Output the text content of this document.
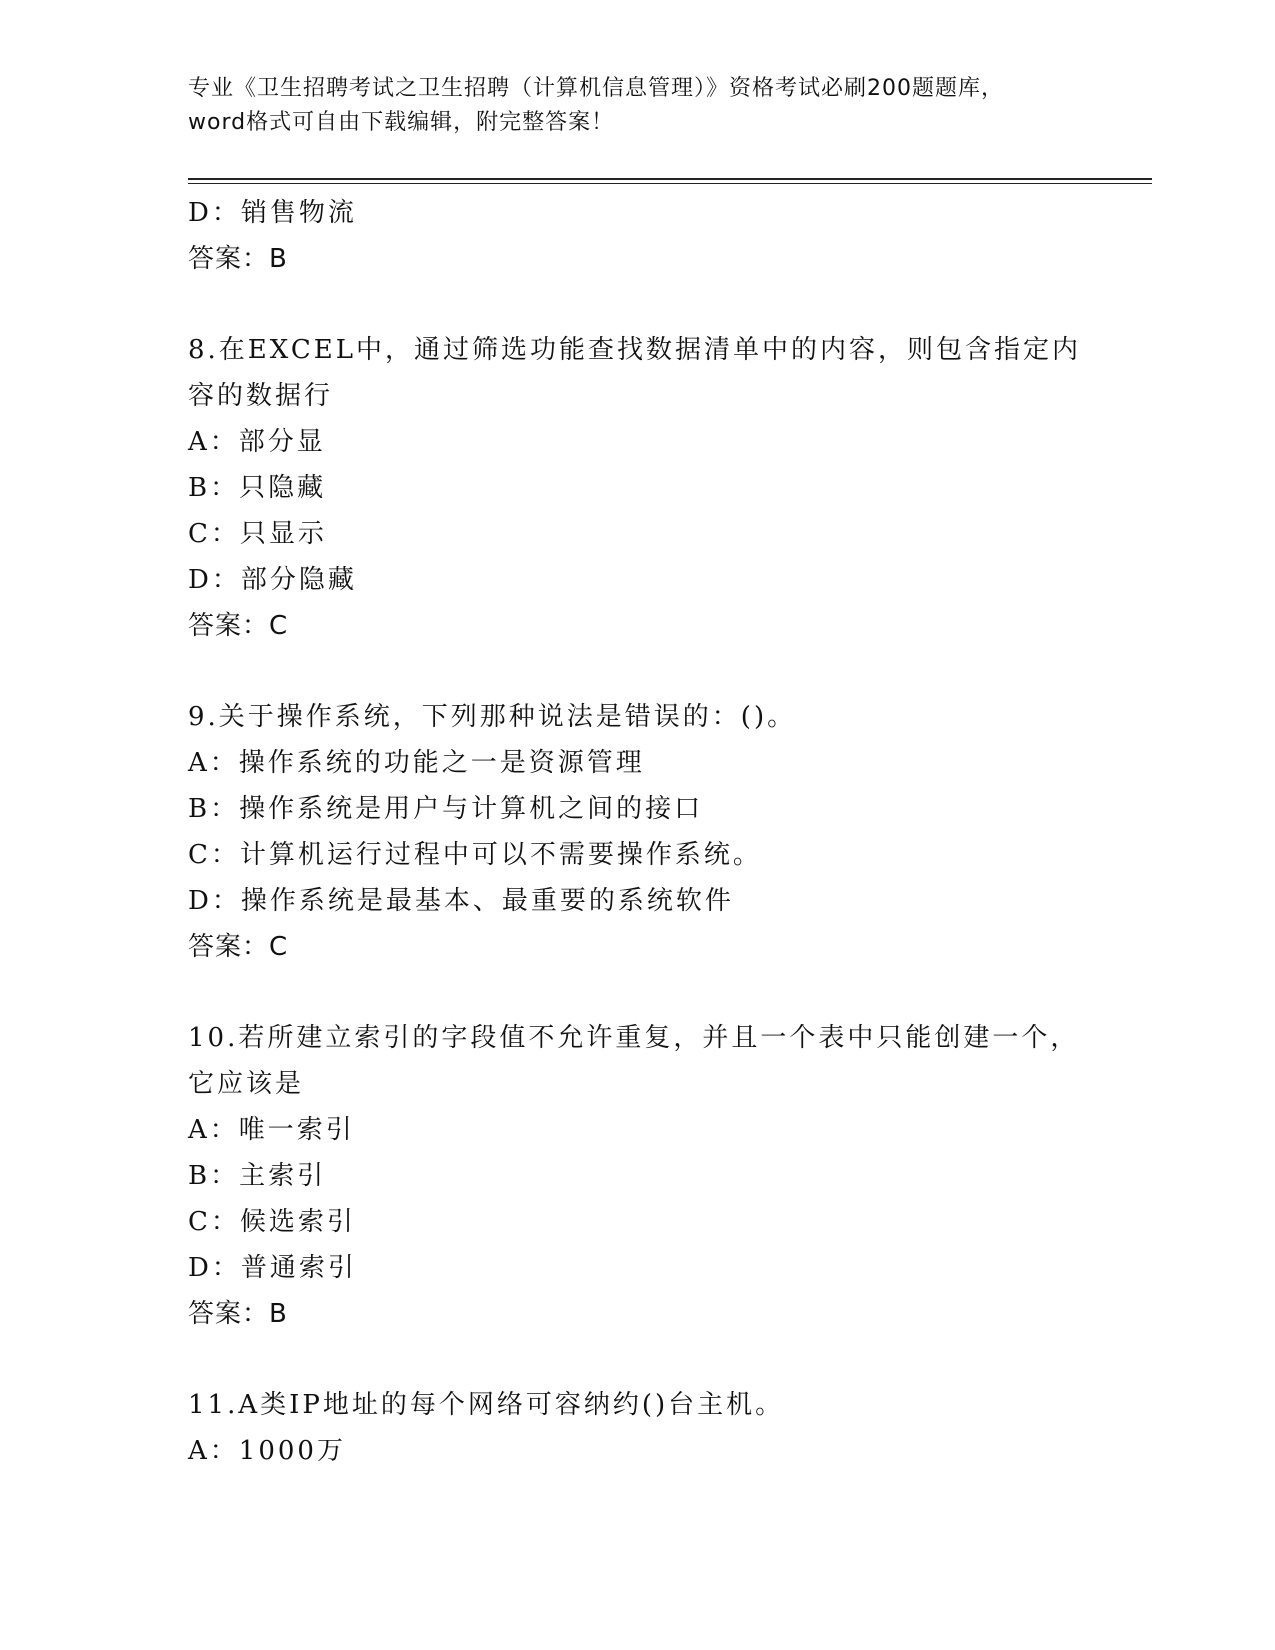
专业《卫生招聘考试之卫生招聘（计算机信息管理）》资格考试必刷200题题库，
word格式可自由下载编辑，附完整答案！
D：销售物流
答案：B
8.在EXCEL中，通过筛选功能查找数据清单中的内容，则包含指定内
容的数据行
A：部分显
B：只隐藏
C：只显示
D：部分隐藏
答案：C
9.关于操作系统，下列那种说法是错误的：()。
A：操作系统的功能之一是资源管理
B：操作系统是用户与计算机之间的接口
C：计算机运行过程中可以不需要操作系统。
D：操作系统是最基本、最重要的系统软件
答案：C
10.若所建立索引的字段值不允许重复，并且一个表中只能创建一个，
它应该是
A：唯一索引
B：主索引
C：候选索引
D：普通索引
答案：B
11.A类IP地址的每个网络可容纳约()台主机。
A：1000万
